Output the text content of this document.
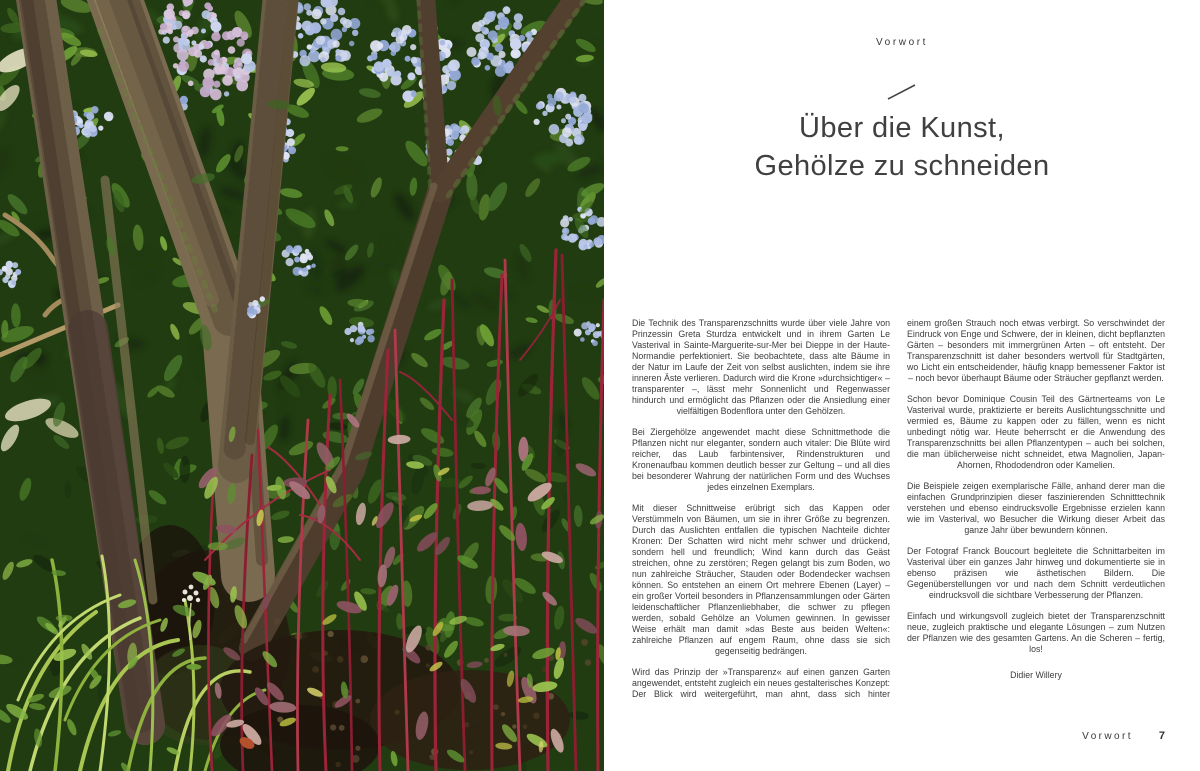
Vorwort
Über die Kunst,
Gehölze zu schneiden

Die Technik des Transparenzschnitts wurde über viele Jahre von Prinzessin Greta Sturdza entwickelt und in ihrem Garten Le Vasterival in Sainte-Marguerite-sur-Mer bei Dieppe in der Haute-Normandie perfektioniert. Sie beobachtete, dass alte Bäume in der Natur im Laufe der Zeit von selbst auslichten, indem sie ihre inneren Äste verlieren. Dadurch wird die Krone »durchsichtiger« – transparenter –, lässt mehr Sonnenlicht und Regenwasser hindurch und ermöglicht das Pflanzen oder die Ansiedlung einer vielfältigen Bodenflora unter den Gehölzen.

Bei Ziergehölze angewendet macht diese Schnittmethode die Pflanzen nicht nur eleganter, sondern auch vitaler: Die Blüte wird reicher, das Laub farbintensiver, Rindenstrukturen und Kronenaufbau kommen deutlich besser zur Geltung – und all dies bei besonderer Wahrung der natürlichen Form und des Wuchses jedes einzelnen Exemplars.

Mit dieser Schnittweise erübrigt sich das Kappen oder Verstümmeln von Bäumen, um sie in ihrer Größe zu begrenzen. Durch das Auslichten entfallen die typischen Nachteile dichter Kronen: Der Schatten wird nicht mehr schwer und drückend, sondern hell und freundlich; Wind kann durch das Geäst streichen, ohne zu zerstören; Regen gelangt bis zum Boden, wo nun zahlreiche Sträucher, Stauden oder Bodendecker wachsen können. So entstehen an einem Ort mehrere Ebenen (Layer) – ein großer Vorteil besonders in Pflanzensammlungen oder Gärten leidenschaftlicher Pflanzenliebhaber, die schwer zu pflegen werden, sobald Gehölze an Volumen gewinnen. In gewisser Weise erhält man damit »das Beste aus beiden Welten«: zahlreiche Pflanzen auf engem Raum, ohne dass sie sich gegenseitig bedrängen.

Wird das Prinzip der »Transparenz« auf einen ganzen Garten angewendet, entsteht zugleich ein neues gestalterisches Konzept: Der Blick wird weitergeführt, man ahnt, dass sich hinter

einem großen Strauch noch etwas verbirgt. So verschwindet der Eindruck von Enge und Schwere, der in kleinen, dicht bepflanzten Gärten – besonders mit immergrünen Arten – oft entsteht. Der Transparenzschnitt ist daher besonders wertvoll für Stadtgärten, wo Licht ein entscheidender, häufig knapp bemessener Faktor ist – noch bevor überhaupt Bäume oder Sträucher gepflanzt werden.

Schon bevor Dominique Cousin Teil des Gärtnerteams von Le Vasterival wurde, praktizierte er bereits Auslichtungsschnitte und vermied es, Bäume zu kappen oder zu fällen, wenn es nicht unbedingt nötig war. Heute beherrscht er die Anwendung des Transparenzschnitts bei allen Pflanzentypen – auch bei solchen, die man üblicherweise nicht schneidet, etwa Magnolien, Japan-Ahornen, Rhododendron oder Kamelien.

Die Beispiele zeigen exemplarische Fälle, anhand derer man die einfachen Grundprinzipien dieser faszinierenden Schnitttechnik verstehen und ebenso eindrucksvolle Ergebnisse erzielen kann wie im Vasterival, wo Besucher die Wirkung dieser Arbeit das ganze Jahr über bewundern können.

Der Fotograf Franck Boucourt begleitete die Schnittarbeiten im Vasterival über ein ganzes Jahr hinweg und dokumentierte sie in ebenso präzisen wie ästhetischen Bildern. Die Gegenüberstellungen vor und nach dem Schnitt verdeutlichen eindrucksvoll die sichtbare Verbesserung der Pflanzen.

Einfach und wirkungsvoll zugleich bietet der Transparenzschnitt neue, zugleich praktische und elegante Lösungen – zum Nutzen der Pflanzen wie des gesamten Gartens. An die Scheren – fertig, los!

Didier Willery
Vorwort 7
